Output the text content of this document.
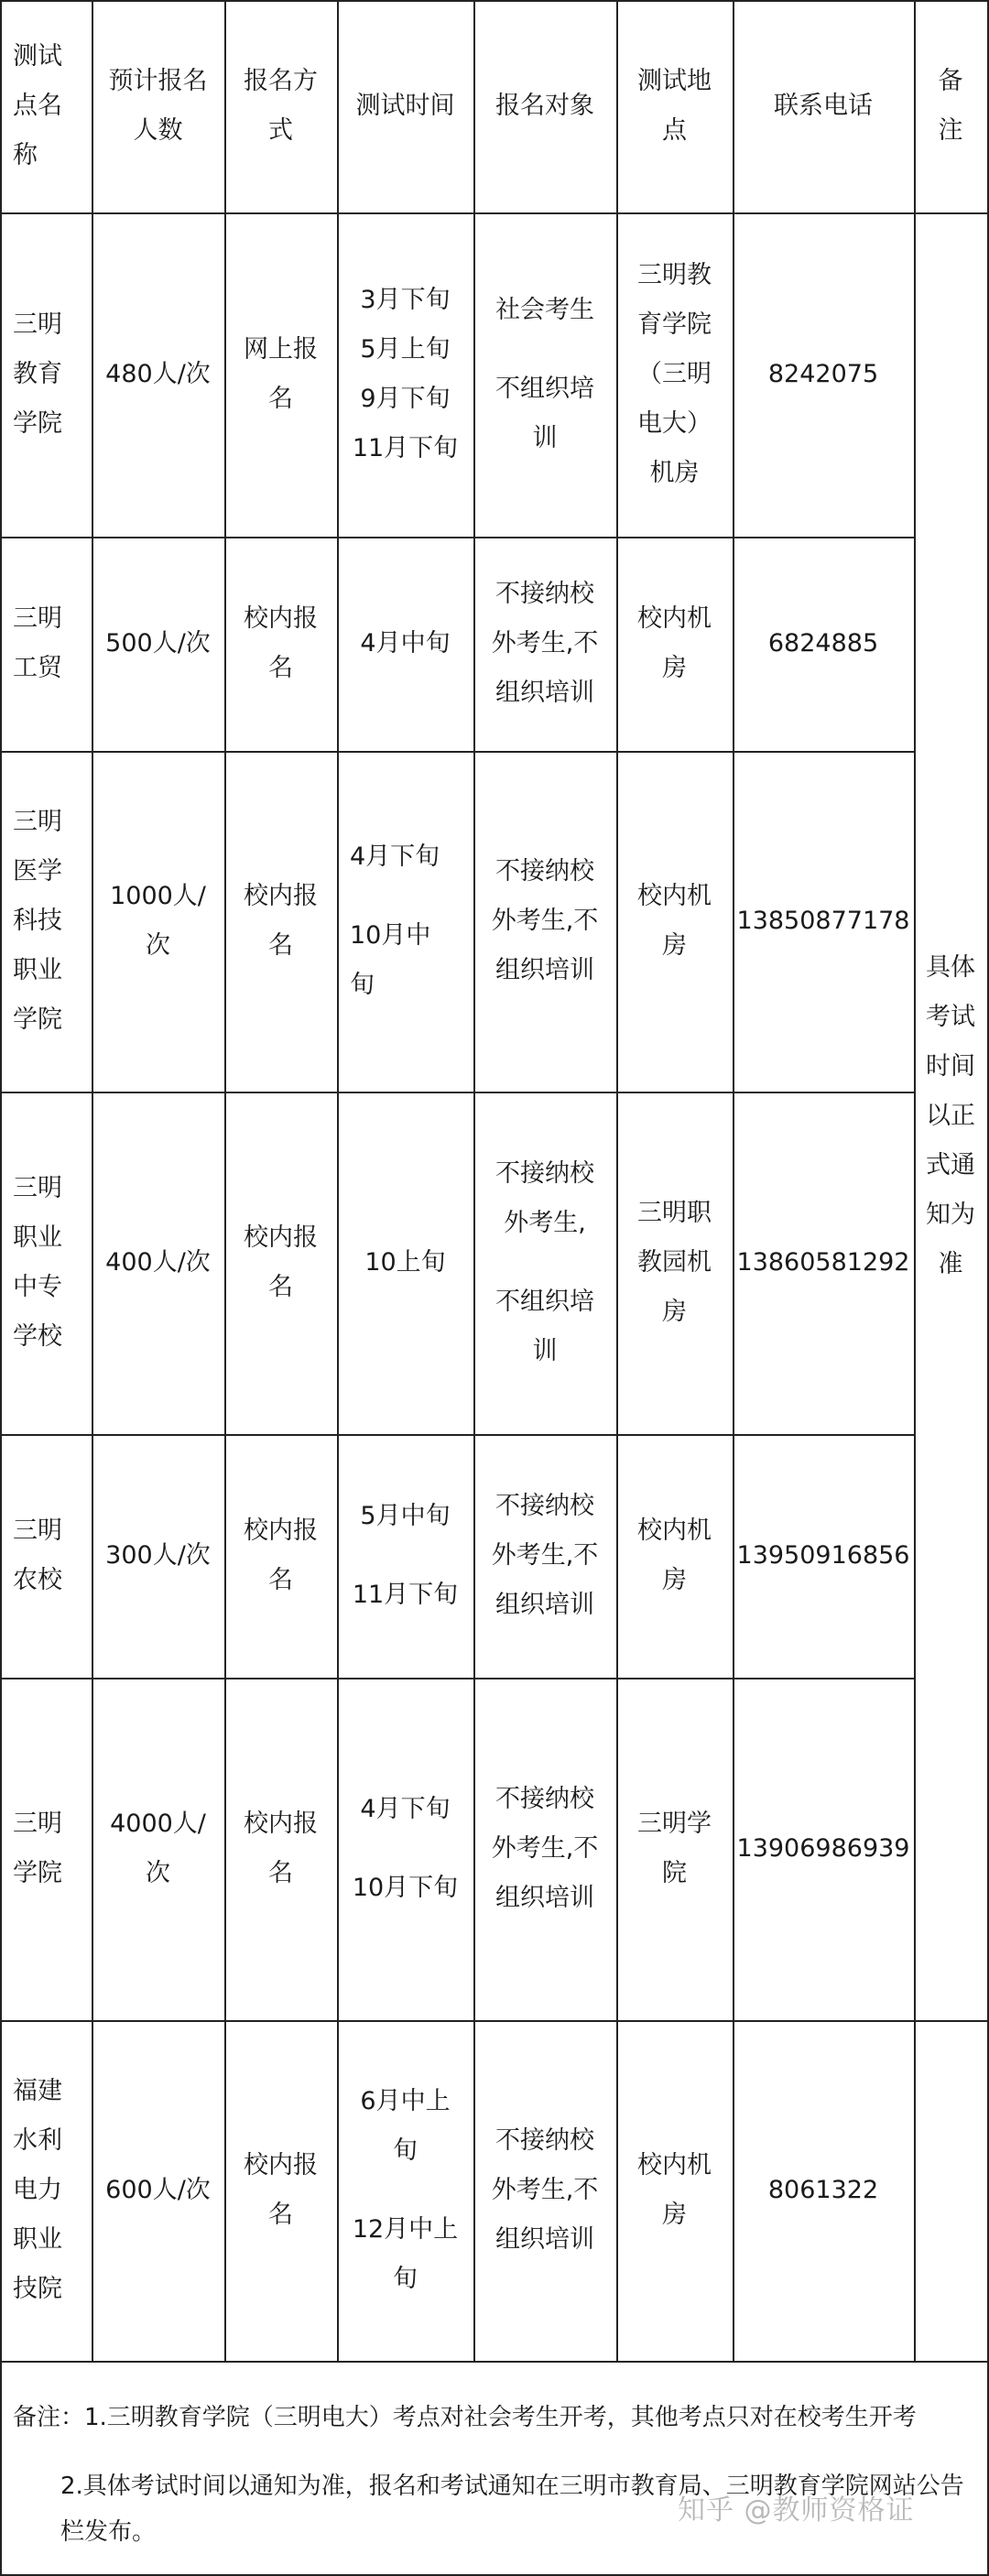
测试
点名
称
预计报名
人数
报名方
式
测试时间 报名对象
测试地
点
联系电话
备
注
三明
教育
学院
480人/次
网上报
名
3月下旬
5月上旬
9月下旬
11月下旬
社会考生
不组织培
训
三明教
育学院
（三明
电大）
机房
8242075
三明
工贸
500人/次
校内报
名
4月中旬
不接纳校
外考生,不
组织培训
校内机
房
6824885
三明
医学
科技
职业
学院
1000人/
次
校内报
名
4月下旬
10月中
旬
不接纳校
外考生,不
组织培训
校内机
房
13850877178
三明
职业
中专
学校
400人/次
校内报
名
10上旬
不接纳校
外考生,
不组织培
训
三明职
教园机
房
13860581292
三明
农校
300人/次
校内报
名
5月中旬
11月下旬
不接纳校
外考生,不
组织培训
校内机
房
13950916856
三明
学院
4000人/
次
校内报
名
4月下旬
10月下旬
不接纳校
外考生,不
组织培训
三明学
院
13906986939
福建
水利
电力
职业
技院
600人/次
校内报
名
6月中上
旬
12月中上
旬
不接纳校
外考生,不
组织培训
校内机
房
8061322
具体
考试
时间
以正
式通
知为
准
备注：1.三明教育学院（三明电大）考点对社会考生开考，其他考点只对在校考生开考
2.具体考试时间以通知为准，报名和考试通知在三明市教育局、三明教育学院网站公告栏发布。
知乎 @教师资格证
